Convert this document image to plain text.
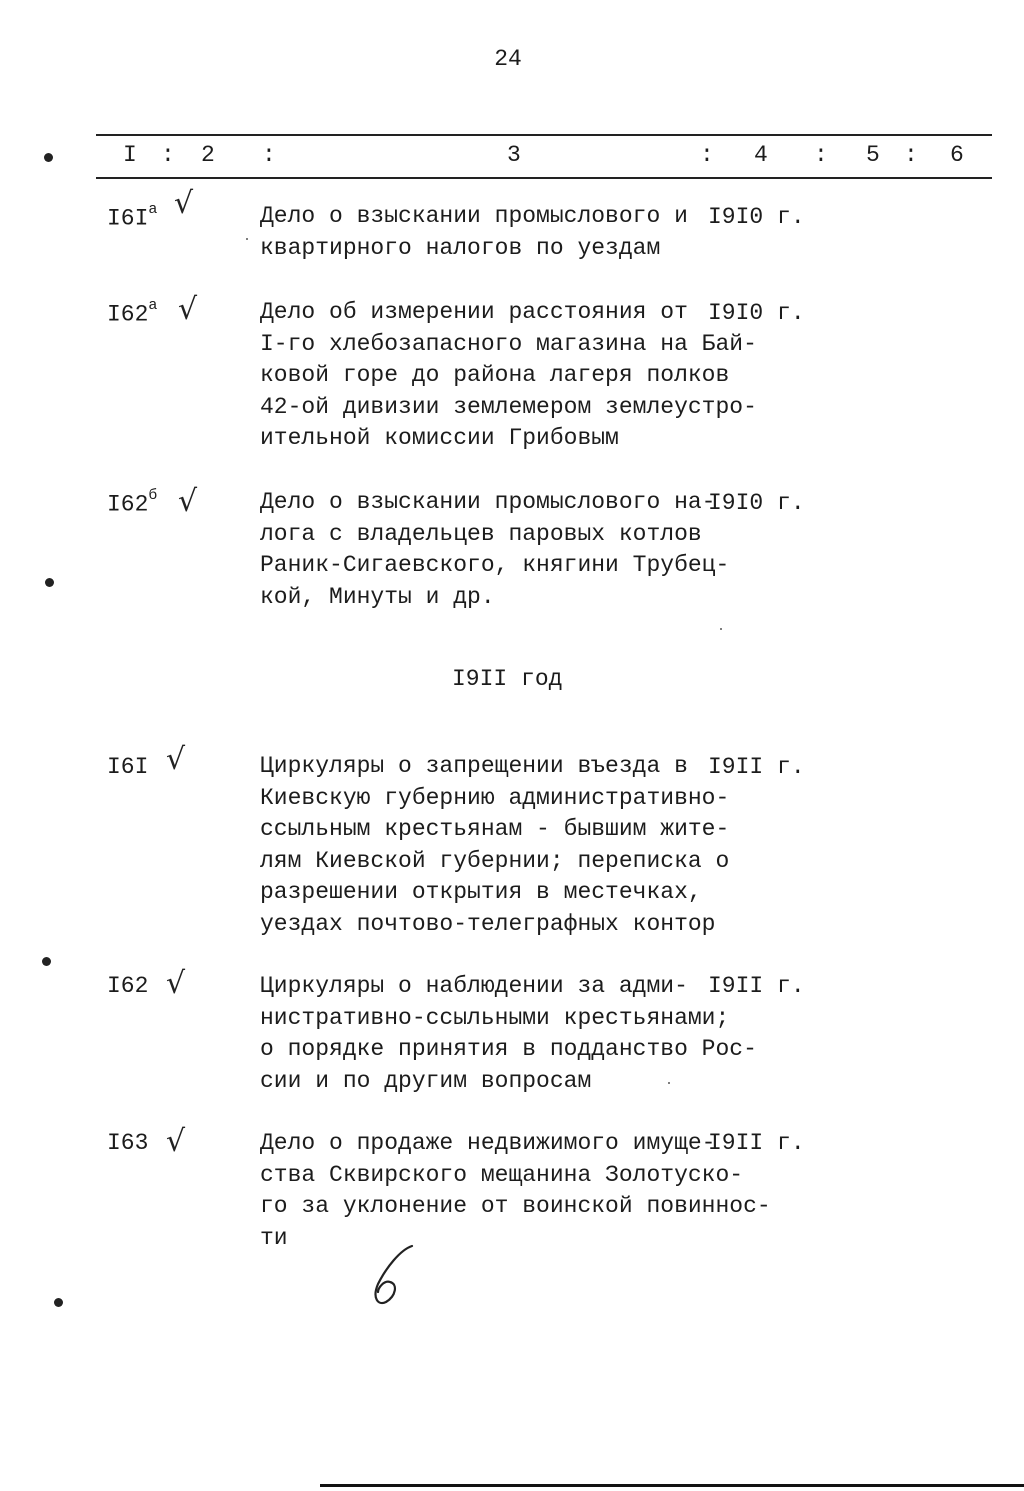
24
I : 2 :	3	: 4 : 5 : 6
$I6I^а$ √	Дело о взыскании промыслового и
квартирного налогов по уездам
I9I0 г.
$I62^а$ √	Дело об измерении расстояния от
I-го хлебозапасного магазина на Бай-
ковой горе до района лагеря полков
42-ой дивизии землемером землеустро-
ительной комиссии Грибовым
I9I0 г.
$I62^б$ √	Дело о взыскании промыслового на-
лога с владельцев паровых котлов
Раник-Сигаевского, княгини Трубец-
кой, Минуты и др.
I9I0 г.
I9II год
I6I √	Циркуляры о запрещении въезда в
Киевскую губернию административно-
ссыльным крестьянам - бывшим жите-
лям Киевской губернии; переписка о
разрешении открытия в местечках,
уездах почтово-телеграфных контор
I9II г.
I62 √	Циркуляры о наблюдении за адми-
нистративно-ссыльными крестьянами;
о порядке принятия в подданство Рос-
сии и по другим вопросам
I9II г.
I63 √	Дело о продаже недвижимого имуще-
ства Сквирского мещанина Золотуско-
го за уклонение от воинской повиннос-
ти
I9II г.
